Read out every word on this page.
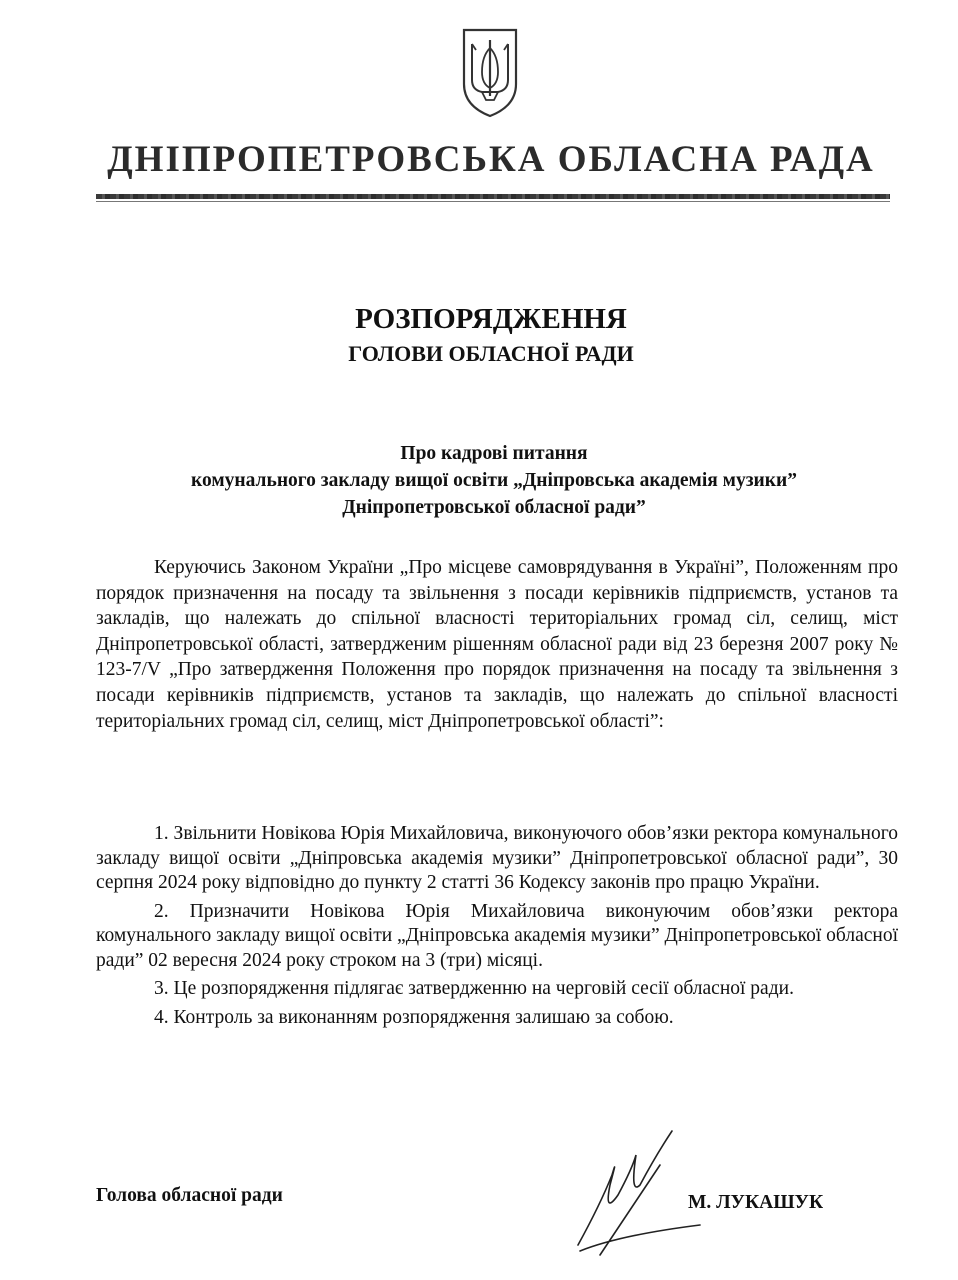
ДНІПРОПЕТРОВСЬКА ОБЛАСНА РАДА
РОЗПОРЯДЖЕННЯ
ГОЛОВИ ОБЛАСНОЇ РАДИ
Про кадрові питання
комунального закладу вищої освіти „Дніпровська академія музики”
Дніпропетровської обласної ради”
Керуючись Законом України „Про місцеве самоврядування в Україні”, Положенням про порядок призначення на посаду та звільнення з посади керівників підприємств, установ та закладів, що належать до спільної власності територіальних громад сіл, селищ, міст Дніпропетровської області, затвердженим рішенням обласної ради від 23 березня 2007 року № 123-7/V „Про затвердження Положення про порядок призначення на посаду та звільнення з посади керівників підприємств, установ та закладів, що належать до спільної власності територіальних громад сіл, селищ, міст Дніпропетровської області”:

1. Звільнити Новікова Юрія Михайловича, виконуючого обов’язки ректора комунального закладу вищої освіти „Дніпровська академія музики” Дніпропетровської обласної ради”, 30 серпня 2024 року відповідно до пункту 2 статті 36 Кодексу законів про працю України.

2. Призначити Новікова Юрія Михайловича виконуючим обов’язки ректора комунального закладу вищої освіти „Дніпровська академія музики” Дніпропетровської обласної ради” 02 вересня 2024 року строком на 3 (три) місяці.

3. Це розпорядження підлягає затвердженню на черговій сесії обласної ради.

4. Контроль за виконанням розпорядження залишаю за собою.

Голова обласної ради	М. ЛУКАШУК
